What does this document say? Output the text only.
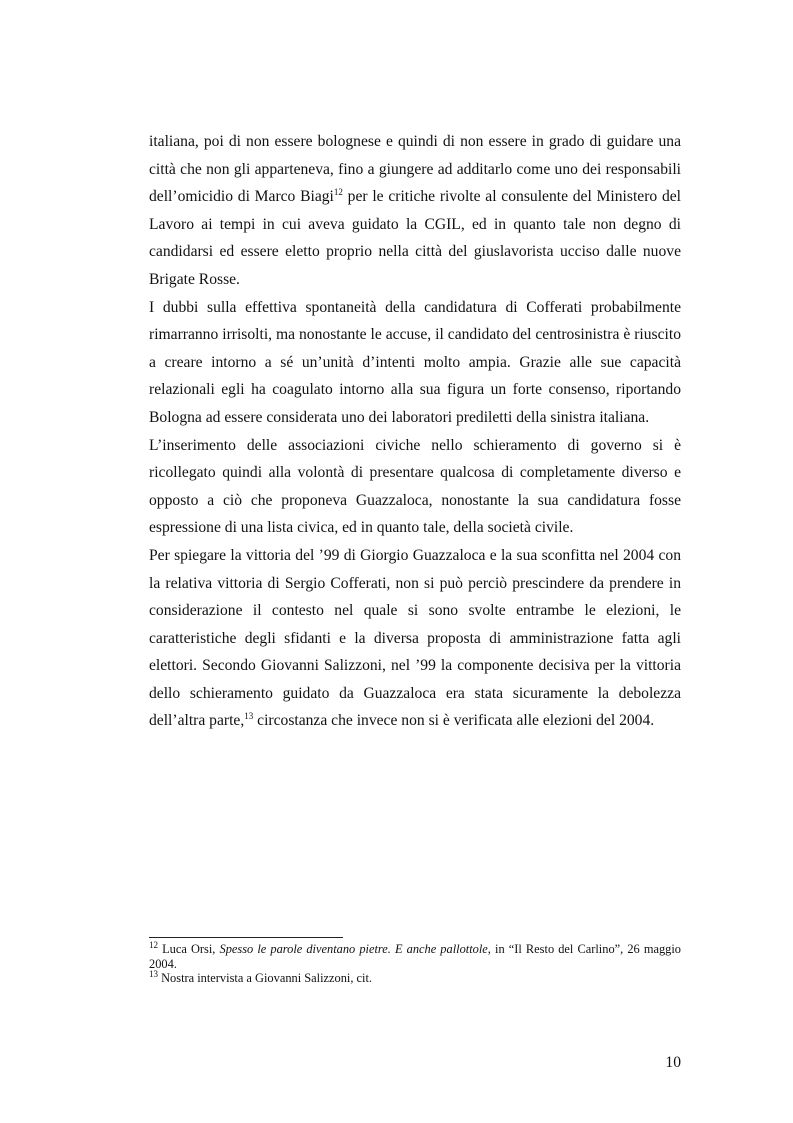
italiana, poi di non essere bolognese e quindi di non essere in grado di guidare una città che non gli apparteneva, fino a giungere ad additarlo come uno dei responsabili dell’omicidio di Marco Biagi$^{12}$ per le critiche rivolte al consulente del Ministero del Lavoro ai tempi in cui aveva guidato la CGIL, ed in quanto tale non degno di candidarsi ed essere eletto proprio nella città del giuslavorista ucciso dalle nuove Brigate Rosse.

I dubbi sulla effettiva spontaneità della candidatura di Cofferati probabilmente rimarranno irrisolti, ma nonostante le accuse, il candidato del centrosinistra è riuscito a creare intorno a sé un’unità d’intenti molto ampia. Grazie alle sue capacità relazionali egli ha coagulato intorno alla sua figura un forte consenso, riportando Bologna ad essere considerata uno dei laboratori prediletti della sinistra italiana.

L’inserimento delle associazioni civiche nello schieramento di governo si è ricollegato quindi alla volontà di presentare qualcosa di completamente diverso e opposto a ciò che proponeva Guazzaloca, nonostante la sua candidatura fosse espressione di una lista civica, ed in quanto tale, della società civile.

Per spiegare la vittoria del ’99 di Giorgio Guazzaloca e la sua sconfitta nel 2004 con la relativa vittoria di Sergio Cofferati, non si può perciò prescindere da prendere in considerazione il contesto nel quale si sono svolte entrambe le elezioni, le caratteristiche degli sfidanti e la diversa proposta di amministrazione fatta agli elettori. Secondo Giovanni Salizzoni, nel ’99 la componente decisiva per la vittoria dello schieramento guidato da Guazzaloca era stata sicuramente la debolezza dell’altra parte,$^{13}$ circostanza che invece non si è verificata alle elezioni del 2004.

$^{12}$ Luca Orsi, Spesso le parole diventano pietre. E anche pallottole, in “Il Resto del Carlino”, 26 maggio 2004.

$^{13}$ Nostra intervista a Giovanni Salizzoni, cit.

10
